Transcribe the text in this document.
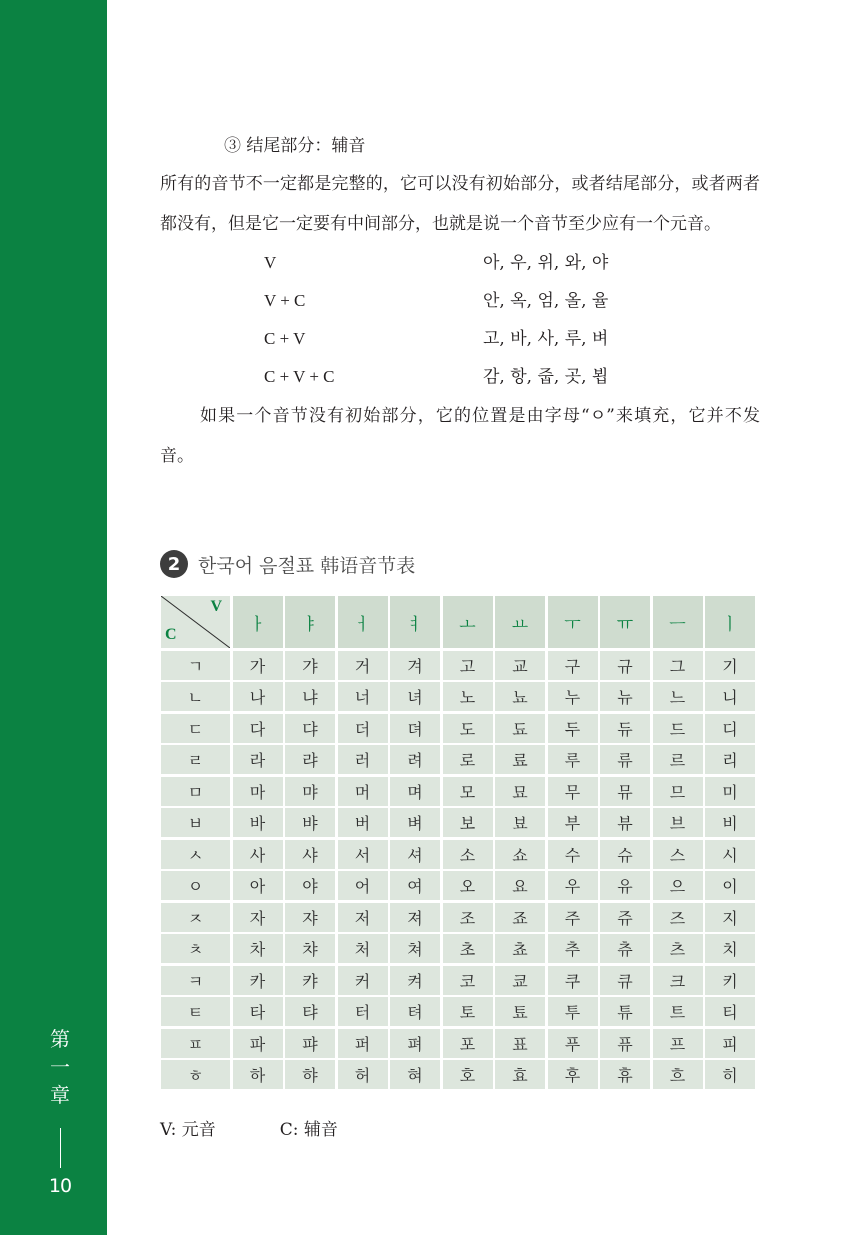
第
一
章
10
③ 结尾部分：辅音

所有的音节不一定都是完整的，它可以没有初始部分，或者结尾部分，或者两者都没有，但是它一定要有中间部分，也就是说一个音节至少应有一个元音。

V	아, 우, 위, 와, 야
V + C	안, 옥, 엄, 올, 율
C + V	고, 바, 사, 루, 벼
C + V + C	감, 항, 줍, 곳, 뵙

如果一个音节没有初始部分，它的位置是由字母“ㅇ”来填充，它并不发音。

2 한국어 음절표 韩语音节表
V
C	ㅏ	ㅑ	ㅓ	ㅕ	ㅗ	ㅛ	ㅜ	ㅠ	ㅡ	ㅣ
ㄱ	가	갸	거	겨	고	교	구	규	그	기
ㄴ	나	냐	너	녀	노	뇨	누	뉴	느	니
ㄷ	다	댜	더	뎌	도	됴	두	듀	드	디
ㄹ	라	랴	러	려	로	료	루	류	르	리
ㅁ	마	먀	머	며	모	묘	무	뮤	므	미
ㅂ	바	뱌	버	벼	보	뵤	부	뷰	브	비
ㅅ	사	샤	서	셔	소	쇼	수	슈	스	시
ㅇ	아	야	어	여	오	요	우	유	으	이
ㅈ	자	쟈	저	져	조	죠	주	쥬	즈	지
ㅊ	차	챠	처	쳐	초	쵸	추	츄	츠	치
ㅋ	카	캬	커	켜	코	쿄	쿠	큐	크	키
ㅌ	타	탸	터	텨	토	툐	투	튜	트	티
ㅍ	파	퍄	퍼	펴	포	표	푸	퓨	프	피
ㅎ	하	햐	허	혀	호	효	후	휴	흐	히
V: 元音	C: 辅音
